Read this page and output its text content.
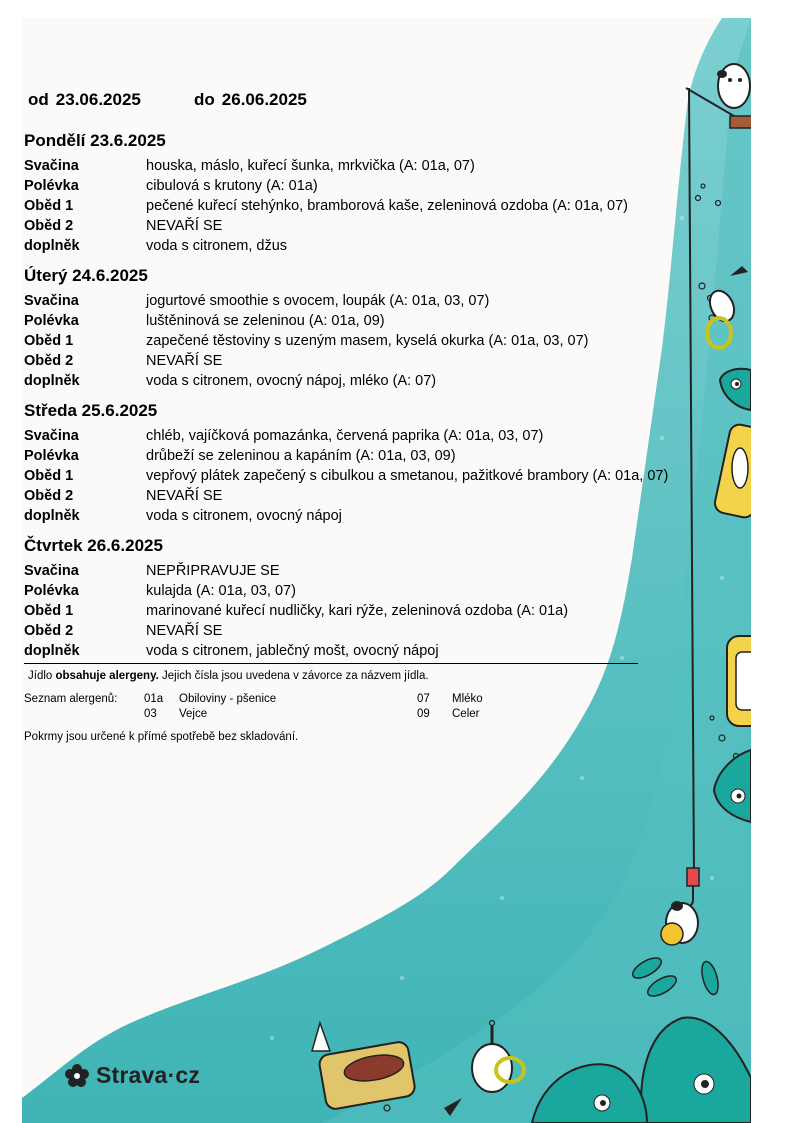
od 23.06.2025	do 26.06.2025
Pondělí 23.6.2025
Svačina	houska, máslo, kuřecí šunka, mrkvička (A: 01a, 07)
Polévka	cibulová s krutony (A: 01a)
Oběd 1	pečené kuřecí stehýnko, bramborová kaše, zeleninová ozdoba (A: 01a, 07)
Oběd 2	NEVAŘÍ SE
doplněk	voda s citronem, džus
Úterý 24.6.2025
Svačina	jogurtové smoothie s ovocem, loupák (A: 01a, 03, 07)
Polévka	luštěninová se zeleninou (A: 01a, 09)
Oběd 1	zapečené těstoviny s uzeným masem, kyselá okurka (A: 01a, 03, 07)
Oběd 2	NEVAŘÍ SE
doplněk	voda s citronem, ovocný nápoj, mléko (A: 07)
Středa 25.6.2025
Svačina	chléb, vajíčková pomazánka, červená paprika (A: 01a, 03, 07)
Polévka	drůbeží se zeleninou a kapáním (A: 01a, 03, 09)
Oběd 1	vepřový plátek zapečený s cibulkou a smetanou, pažitkové brambory (A: 01a, 07)
Oběd 2	NEVAŘÍ SE
doplněk	voda s citronem, ovocný nápoj
Čtvrtek 26.6.2025
Svačina	NEPŘIPRAVUJE SE
Polévka	kulajda (A: 01a, 03, 07)
Oběd 1	marinované kuřecí nudličky, kari rýže, zeleninová ozdoba (A: 01a)
Oběd 2	NEVAŘÍ SE
doplněk	voda s citronem, jablečný mošt, ovocný nápoj
Jídlo obsahuje alergeny. Jejich čísla jsou uvedena v závorce za názvem jídla.
Seznam alergenů: 01a Obiloviny - pšenice
03 Vejce
07 Mléko
09 Celer
Pokrmy jsou určené k přímé spotřebě bez skladování.
Strava·cz
